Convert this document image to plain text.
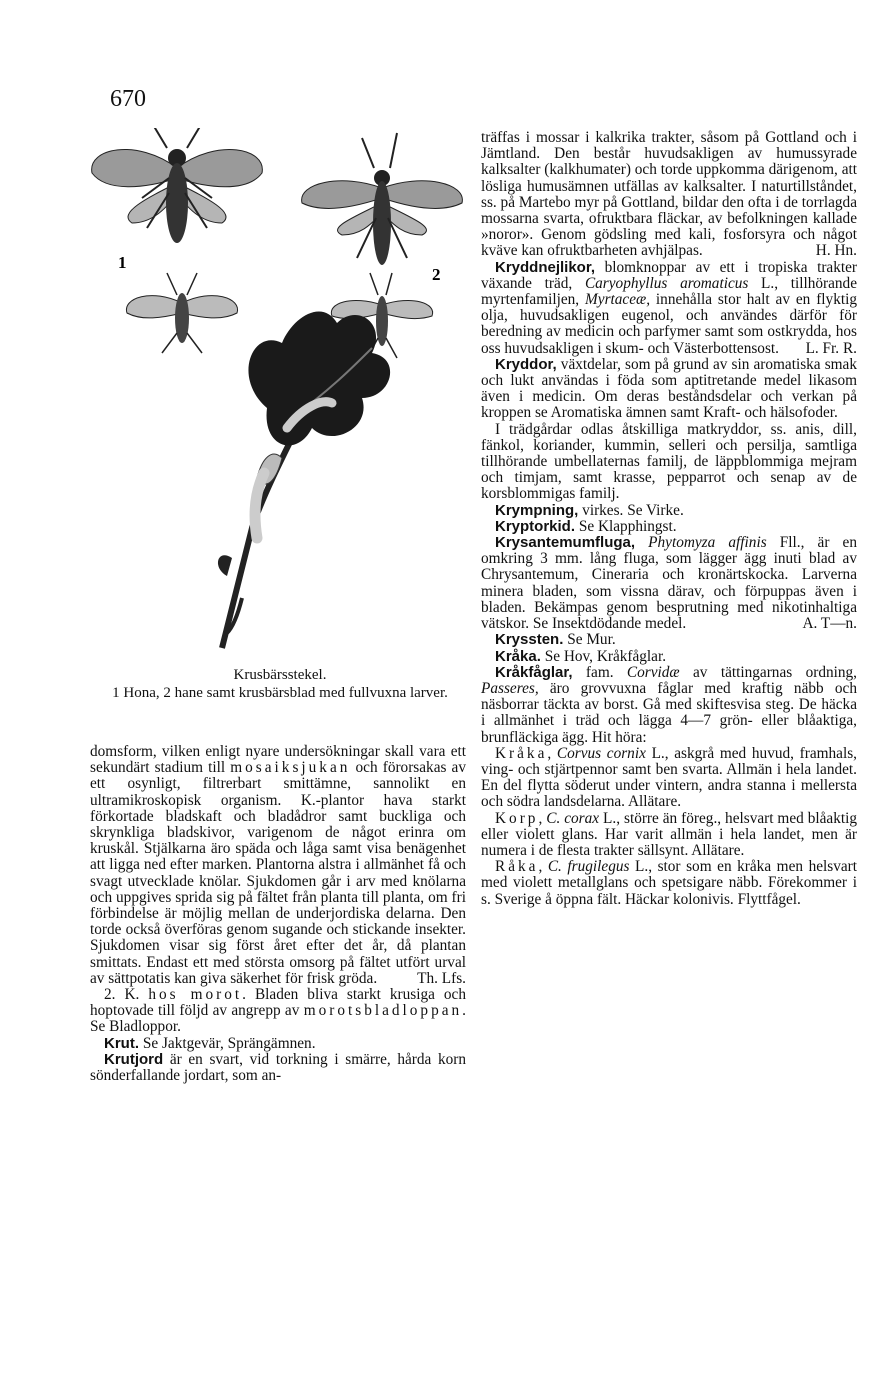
670
1
2
Krusbärsstekel.
1 Hona, 2 hane samt krusbärsblad med fullvuxna larver.

domsform, vilken enligt nyare undersökningar skall vara ett sekundärt stadium till mosaiksjukan och förorsakas av ett osynligt, filtrerbart smittämne, sannolikt en ultramikroskopisk organism. K.-plantor hava starkt förkortade bladskaft och bladådror samt buckliga och skrynkliga bladskivor, varigenom de något erinra om kruskål. Stjälkarna äro späda och låga samt visa benägenhet att ligga ned efter marken. Plantorna alstra i allmänhet få och svagt utvecklade knölar. Sjukdomen går i arv med knölarna och uppgives sprida sig på fältet från planta till planta, om fri förbindelse är möjlig mellan de underjordiska delarna. Den torde också överföras genom sugande och stickande insekter. Sjukdomen visar sig först året efter det år, då plantan smittats. Endast ett med största omsorg på fältet utfört urval av sättpotatis kan giva säkerhet för frisk gröda.	Th. Lfs.

2. K. hos morot. Bladen bliva starkt krusiga och hoptovade till följd av angrepp av morotsbladloppan. Se Bladloppor.

Krut. Se Jaktgevär, Sprängämnen.

Krutjord är en svart, vid torkning i smärre, hårda korn sönderfallande jordart, som an-

träffas i mossar i kalkrika trakter, såsom på Gottland och i Jämtland. Den består huvudsakligen av humussyrade kalksalter (kalkhumater) och torde uppkomma därigenom, att lösliga humusämnen utfällas av kalksalter. I naturtillståndet, ss. på Martebo myr på Gottland, bildar den ofta i de torrlagda mossarna svarta, ofruktbara fläckar, av befolkningen kallade »noror». Genom gödsling med kali, fosforsyra och något kväve kan ofruktbarheten avhjälpas.	H. Hn.

Kryddnejlikor, blomknoppar av ett i tropiska trakter växande träd, Caryophyllus aromaticus L., tillhörande myrtenfamiljen, Myrtaceæ, innehålla stor halt av en flyktig olja, huvudsakligen eugenol, och användes därför för beredning av medicin och parfymer samt som ostkrydda, hos oss huvudsakligen i skum- och Västerbottensost.	L. Fr. R.

Kryddor, växtdelar, som på grund av sin aromatiska smak och lukt användas i föda som aptitretande medel likasom även i medicin. Om deras beståndsdelar och verkan på kroppen se Aromatiska ämnen samt Kraft- och hälsofoder.

I trädgårdar odlas åtskilliga matkryddor, ss. anis, dill, fänkol, koriander, kummin, selleri och persilja, samtliga tillhörande umbellaternas familj, de läppblommiga mejram och timjam, samt krasse, pepparrot och senap av de korsblommigas familj.

Krympning, virkes. Se Virke.

Kryptorkid. Se Klapphingst.

Krysantemumfluga, Phytomyza affinis Fll., är en omkring 3 mm. lång fluga, som lägger ägg inuti blad av Chrysantemum, Cineraria och kronärtskocka. Larverna minera bladen, som vissna därav, och förpuppas även i bladen. Bekämpas genom besprutning med nikotinhaltiga vätskor. Se Insektdödande medel.	A. T—n.

Kryssten. Se Mur.

Kråka. Se Hov, Kråkfåglar.

Kråkfåglar, fam. Corvidæ av tättingarnas ordning, Passeres, äro grovvuxna fåglar med kraftig näbb och näsborrar täckta av borst. Gå med skiftesvisa steg. De häcka i allmänhet i träd och lägga 4—7 grön- eller blåaktiga, brunfläckiga ägg. Hit höra:

Kråka, Corvus cornix L., askgrå med huvud, framhals, ving- och stjärtpennor samt ben svarta. Allmän i hela landet. En del flytta söderut under vintern, andra stanna i mellersta och södra landsdelarna. Allätare.

Korp, C. corax L., större än föreg., helsvart med blåaktig eller violett glans. Har varit allmän i hela landet, men är numera i de flesta trakter sällsynt. Allätare.

Råka, C. frugilegus L., stor som en kråka men helsvart med violett metallglans och spetsigare näbb. Förekommer i s. Sverige å öppna fält. Häckar kolonivis. Flyttfågel.
